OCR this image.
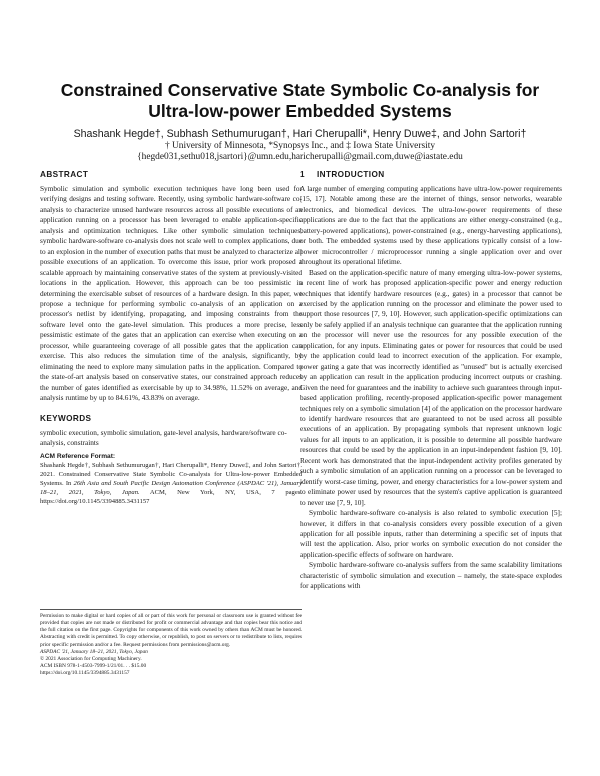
Constrained Conservative State Symbolic Co-analysis for
Ultra-low-power Embedded Systems
Shashank Hegde†, Subhash Sethumurugan†, Hari Cherupalli*, Henry Duwe‡, and John Sartori†
† University of Minnesota, *Synopsys Inc., and ‡ Iowa State University
{hegde031,sethu018,jsartori}@umn.edu,haricherupalli@gmail.com,duwe@iastate.edu
ABSTRACT

Symbolic simulation and symbolic execution techniques have long been used for verifying designs and testing software. Recently, using symbolic hardware-software co-analysis to characterize unused hardware resources across all possible executions of an application running on a processor has been leveraged to enable application-specific analysis and optimization techniques. Like other symbolic simulation techniques, symbolic hardware-software co-analysis does not scale well to complex applications, due to an explosion in the number of execution paths that must be analyzed to characterize all possible executions of an application. To overcome this issue, prior work proposed a scalable approach by maintaining conservative states of the system at previously-visited locations in the application. However, this approach can be too pessimistic in determining the exercisable subset of resources of a hardware design. In this paper, we propose a technique for performing symbolic co-analysis of an application on a processor's netlist by identifying, propagating, and imposing constraints from the software level onto the gate-level simulation. This produces a more precise, less pessimistic estimate of the gates that an application can exercise when executing on a processor, while guaranteeing coverage of all possible gates that the application can exercise. This also reduces the simulation time of the analysis, significantly, by eliminating the need to explore many simulation paths in the application. Compared to the state-of-art analysis based on conservative states, our constrained approach reduces the number of gates identified as exercisable by up to 34.98%, 11.52% on average, and analysis runtime by up to 84.61%, 43.83% on average.

KEYWORDS

symbolic execution, symbolic simulation, gate-level analysis, hardware/software co-analysis, constraints

ACM Reference Format:

Shashank Hegde†, Subhash Sethumurugan†, Hari Cherupalli*, Henry Duwe‡, and John Sartori†. 2021. Constrained Conservative State Symbolic Co-analysis for Ultra-low-power Embedded Systems. In 26th Asia and South Pacific Design Automation Conference (ASPDAC '21), January 18–21, 2021, Tokyo, Japan. ACM, New York, NY, USA, 7 pages. https://doi.org/10.1145/3394885.3431157

Permission to make digital or hard copies of all or part of this work for personal or classroom use is granted without fee provided that copies are not made or distributed for profit or commercial advantage and that copies bear this notice and the full citation on the first page. Copyrights for components of this work owned by others than ACM must be honored. Abstracting with credit is permitted. To copy otherwise, or republish, to post on servers or to redistribute to lists, requires prior specific permission and/or a fee. Request permissions from permissions@acm.org.
ASPDAC '21, January 18–21, 2021, Tokyo, Japan
© 2021 Association for Computing Machinery.
ACM ISBN 978-1-4503-7999-1/21/01. . . $15.00
https://doi.org/10.1145/3394885.3431157
1 INTRODUCTION

A large number of emerging computing applications have ultra-low-power requirements [15, 17]. Notable among these are the internet of things, sensor networks, wearable electronics, and biomedical devices. The ultra-low-power requirements of these applications are due to the fact that the applications are either energy-constrained (e.g., battery-powered applications), power-constrained (e.g., energy-harvesting applications), or both. The embedded systems used by these applications typically consist of a low-power microcontroller / microprocessor running a single application over and over throughout its operational lifetime.

Based on the application-specific nature of many emerging ultra-low-power systems, a recent line of work has proposed application-specific power and energy reduction techniques that identify hardware resources (e.g., gates) in a processor that cannot be exercised by the application running on the processor and eliminate the power used to support those resources [7, 9, 10]. However, such application-specific optimizations can only be safely applied if an analysis technique can guarantee that the application running on the processor will never use the resources for any possible execution of the application, for any inputs. Eliminating gates or power for resources that could be used by the application could lead to incorrect execution of the application. For example, power gating a gate that was incorrectly identified as "unused" but is actually exercised by an application can result in the application producing incorrect outputs or crashing. Given the need for guarantees and the inability to achieve such guarantees through input-based application profiling, recently-proposed application-specific power management techniques rely on a symbolic simulation [4] of the application on the processor hardware to identify hardware resources that are guaranteed to not be used across all possible executions of an application. By propagating symbols that represent unknown logic values for all inputs to an application, it is possible to determine all possible hardware resources that could be used by the application in an input-independent fashion [9, 10]. Recent work has demonstrated that the input-independent activity profiles generated by such a symbolic simulation of an application running on a processor can be leveraged to identify worst-case timing, power, and energy characteristics for a low-power system and to eliminate power used by resources that the system's captive application is guaranteed to never use [7, 9, 10].

Symbolic hardware-software co-analysis is also related to symbolic execution [5]; however, it differs in that co-analysis considers every possible execution of a given application for all possible inputs, rather than determining a specific set of inputs that will test the application. Also, prior works on symbolic execution do not consider the application-specific effects of software on hardware.

Symbolic hardware-software co-analysis suffers from the same scalability limitations characteristic of symbolic simulation and execution – namely, the state-space explodes for applications with
